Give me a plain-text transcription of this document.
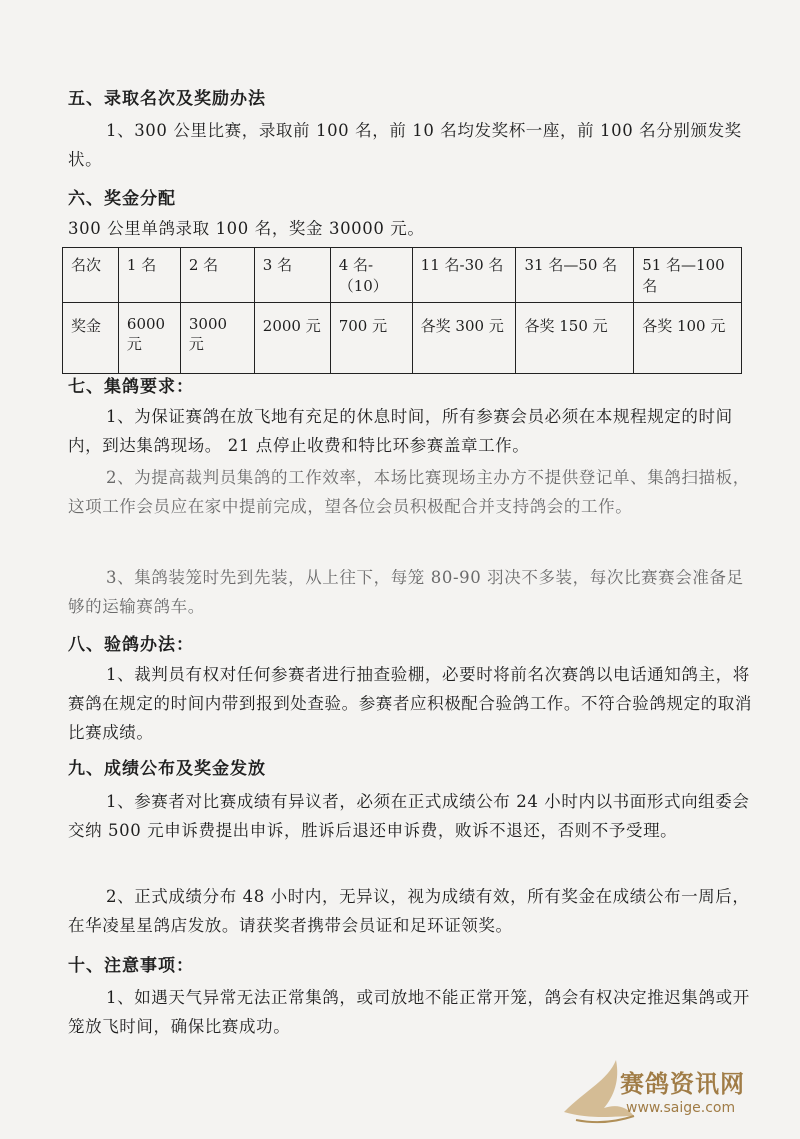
五、录取名次及奖励办法
1、300 公里比赛，录取前 100 名，前 10 名均发奖杯一座，前 100 名分别颁发奖状。
六、奖金分配
300 公里单鸽录取 100 名，奖金 30000 元。
名次	1 名	2 名	3 名	4 名-（10）	11 名-30 名	31 名—50 名	51 名—100 名
奖金	6000 元	3000 元	2000 元	700 元	各奖 300 元	各奖 150 元	各奖 100 元
七、集鸽要求：
1、为保证赛鸽在放飞地有充足的休息时间，所有参赛会员必须在本规程规定的时间内，到达集鸽现场。 21 点停止收费和特比环参赛盖章工作。
2、为提高裁判员集鸽的工作效率，本场比赛现场主办方不提供登记单、集鸽扫描板，这项工作会员应在家中提前完成，望各位会员积极配合并支持鸽会的工作。
3、集鸽装笼时先到先装，从上往下，每笼 80-90 羽决不多装，每次比赛赛会准备足够的运输赛鸽车。
八、验鸽办法：
1、裁判员有权对任何参赛者进行抽查验棚，必要时将前名次赛鸽以电话通知鸽主，将赛鸽在规定的时间内带到报到处查验。参赛者应积极配合验鸽工作。不符合验鸽规定的取消比赛成绩。
九、成绩公布及奖金发放
1、参赛者对比赛成绩有异议者，必须在正式成绩公布 24 小时内以书面形式向组委会交纳 500 元申诉费提出申诉，胜诉后退还申诉费，败诉不退还，否则不予受理。
2、正式成绩分布 48 小时内，无异议，视为成绩有效，所有奖金在成绩公布一周后，在华凌星星鸽店发放。请获奖者携带会员证和足环证领奖。
十、注意事项：
1、如遇天气异常无法正常集鸽，或司放地不能正常开笼，鸽会有权决定推迟集鸽或开笼放飞时间，确保比赛成功。
赛鸽资讯网
www.saige.com
